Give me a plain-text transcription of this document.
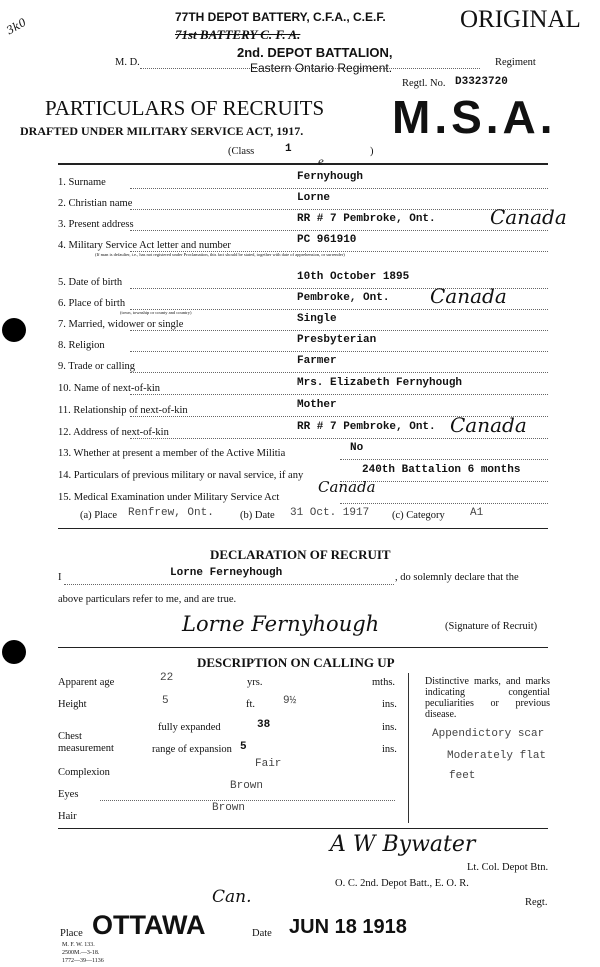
3k0	77TH DEPOT BATTERY, C.F.A., C.E.F.
71st BATTERY C. F. A.
M. D.
2nd. DEPOT BATTALION,
Eastern Ontario Regiment.	Regiment
ORIGINAL
Regtl. No. D3323720
PARTICULARS OF RECRUITS
DRAFTED UNDER MILITARY SERVICE ACT, 1917. M.S.A.
(Class	1	)
1. Surname	Fernyhough
e
2. Christian name	Lorne
3. Present address	RR # 7 Pembroke, Ont.	Canada
4. Military Service Act letter and number	PC 961910
(If man is defaulter, i.e., has not registered under Proclamation, this fact should be stated, together with date of apprehension, or surrender)
5. Date of birth	10th October 1895
6. Place of birth	Pembroke, Ont. Canada
(town, township or county and country)
7. Married, widower or single	Single
8. Religion	Presbyterian
9. Trade or calling	Farmer
10. Name of next-of-kin	Mrs. Elizabeth Fernyhough
11. Relationship of next-of-kin	Mother
12. Address of next-of-kin	RR # 7 Pembroke, Ont. Canada
13. Whether at present a member of the Active Militia	No
14. Particulars of previous military or naval service, if any	240th Battalion 6 months
15. Medical Examination under Military Service Act
Canada
(a) Place Renfrew, Ont. (b) Date 31 Oct. 1917 (c) Category A1
DECLARATION OF RECRUIT
I	Lorne Ferneyhough	, do solemnly declare that the
above particulars refer to me, and are true.
Lorne Fernyhough	(Signature of Recruit)
DESCRIPTION ON CALLING UP
Apparent age	22	yrs.	mths.
Height	5	ft.	9½	ins.
Chest measurement
fully expanded	38	ins.
range of expansion 5	ins.
Complexion
Fair
Eyes
Brown
Hair
Brown
Distinctive marks, and marks indicating congential peculiarities or previous disease.
Appendictory scar
Moderately flat
feet
A W Bywater
Lt. Col. Depot Btn.
O. C. 2nd. Depot Batt., E. O. R.
Regt.
Place OTTAWA
Can.
Date JUN 18 1918
M. F. W. 133.
2500M.—3-18.
1772—39—1136
